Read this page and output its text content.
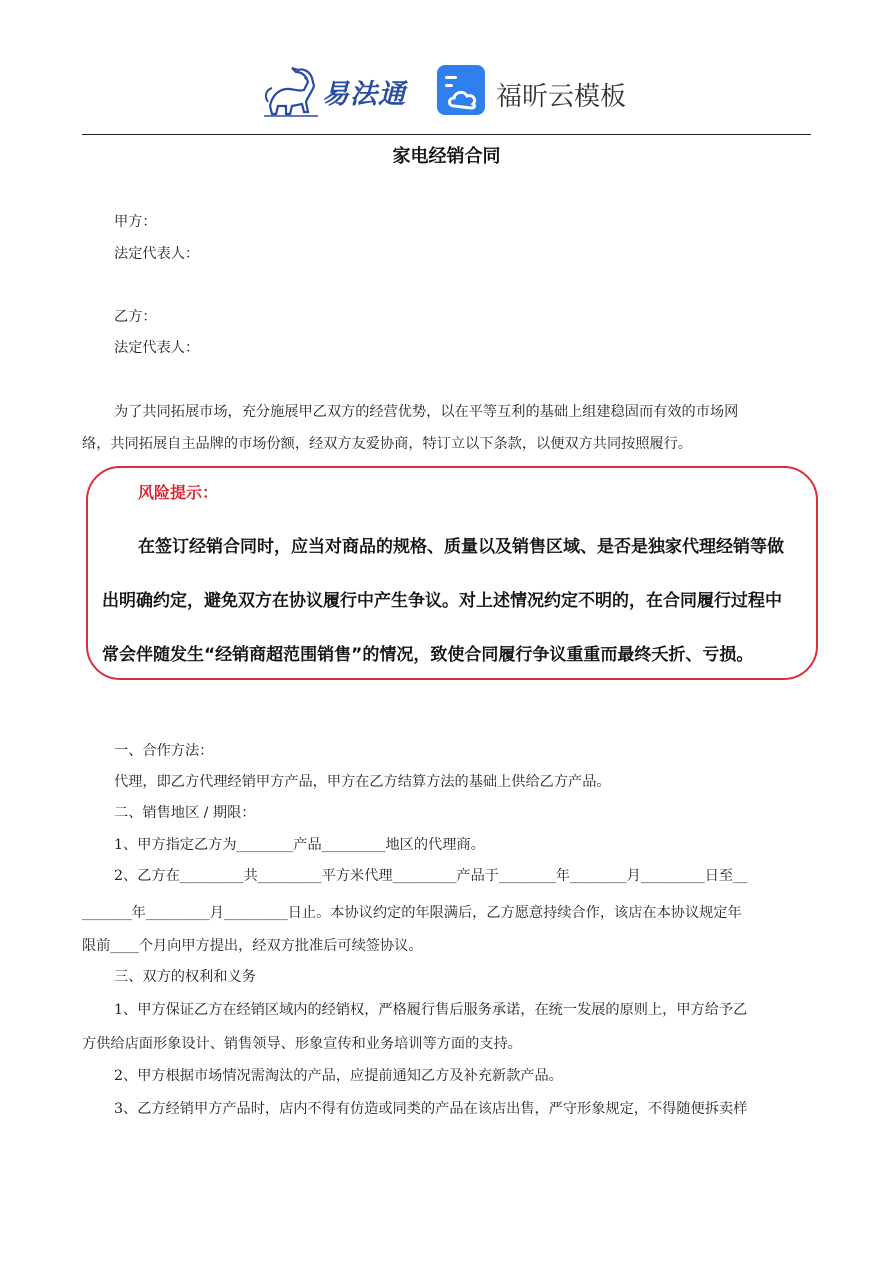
易法通	福昕云模板
家电经销合同
甲方：
法定代表人：
乙方：
法定代表人：
为了共同拓展市场，充分施展甲乙双方的经营优势，以在平等互利的基础上组建稳固而有效的市场网
络，共同拓展自主品牌的市场份额，经双方友爱协商，特订立以下条款，以便双方共同按照履行。
风险提示：
在签订经销合同时，应当对商品的规格、质量以及销售区域、是否是独家代理经销等做
出明确约定，避免双方在协议履行中产生争议。对上述情况约定不明的，在合同履行过程中
常会伴随发生“经销商超范围销售”的情况，致使合同履行争议重重而最终夭折、亏损。
一、合作方法：
代理，即乙方代理经销甲方产品，甲方在乙方结算方法的基础上供给乙方产品。
二、销售地区 / 期限：
1、甲方指定乙方为________产品_________地区的代理商。
2、乙方在_________共_________平方米代理_________产品于________年________月_________日至__
_______年_________月_________日止。本协议约定的年限满后，乙方愿意持续合作，该店在本协议规定年
限前____个月向甲方提出，经双方批准后可续签协议。
三、双方的权利和义务
1、甲方保证乙方在经销区域内的经销权，严格履行售后服务承诺，在统一发展的原则上，甲方给予乙
方供给店面形象设计、销售领导、形象宣传和业务培训等方面的支持。
2、甲方根据市场情况需淘汰的产品，应提前通知乙方及补充新款产品。
3、乙方经销甲方产品时，店内不得有仿造或同类的产品在该店出售，严守形象规定，不得随便拆卖样
